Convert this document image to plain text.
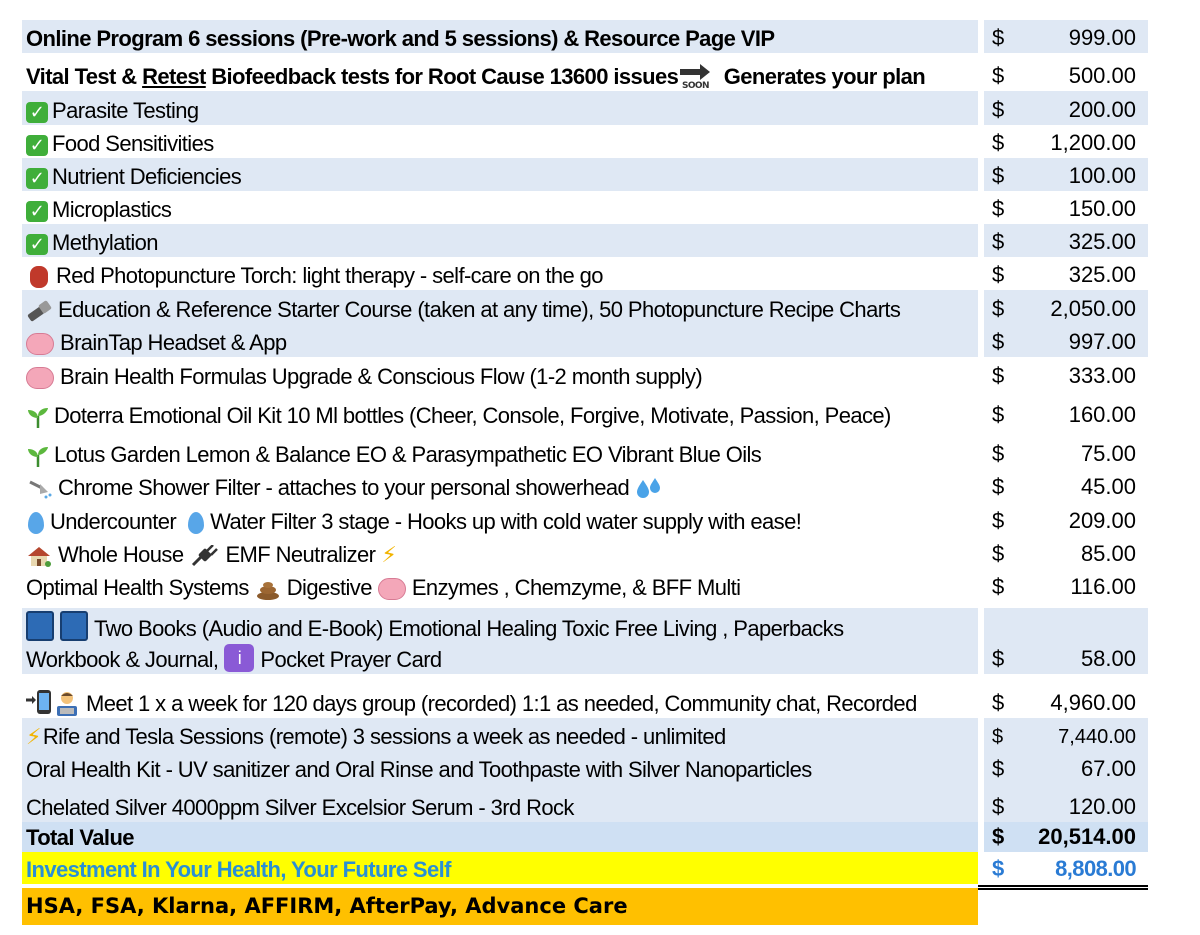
Online Program 6 sessions (Pre-work and 5 sessions) & Resource Page VIP	$	999.00
Vital Test & Retest Biofeedback tests for Root Cause 13600 issues SOON Generates your plan	$	500.00
✓ Parasite Testing	$	200.00
✓ Food Sensitivities	$	1,200.00
✓ Nutrient Deficiencies	$	100.00
✓ Microplastics	$	150.00
✓ Methylation	$	325.00
Red Photopuncture Torch: light therapy - self-care on the go	$	325.00
Education & Reference Starter Course (taken at any time), 50 Photopuncture Recipe Charts	$	2,050.00
BrainTap Headset & App	$	997.00
Brain Health Formulas Upgrade & Conscious Flow (1-2 month supply)	$	333.00
Doterra Emotional Oil Kit 10 Ml bottles (Cheer, Console, Forgive, Motivate, Passion, Peace)	$	160.00
Lotus Garden Lemon & Balance EO & Parasympathetic EO Vibrant Blue Oils	$	75.00
Chrome Shower Filter - attaches to your personal showerhead	$	45.00
Undercounter Water Filter 3 stage - Hooks up with cold water supply with ease!	$	209.00
Whole House EMF Neutralizer ⚡	$	85.00
Optimal Health Systems Digestive Enzymes , Chemzyme, & BFF Multi	$	116.00
Two Books (Audio and E-Book) Emotional Healing Toxic Free Living , Paperbacks
Workbook & Journal,	i Pocket Prayer Card	$	58.00
Meet 1 x a week for 120 days group (recorded) 1:1 as needed, Community chat, Recorded	$	4,960.00
⚡ Rife and Tesla Sessions (remote) 3 sessions a week as needed - unlimited	$	7,440.00
Oral Health Kit - UV sanitizer and Oral Rinse and Toothpaste with Silver Nanoparticles	$	67.00
Chelated Silver 4000ppm Silver Excelsior Serum - 3rd Rock	$	120.00
Total Value	$	20,514.00
Investment In Your Health, Your Future Self	$	8,808.00
HSA, FSA, Klarna, AFFIRM, AfterPay, Advance Care
